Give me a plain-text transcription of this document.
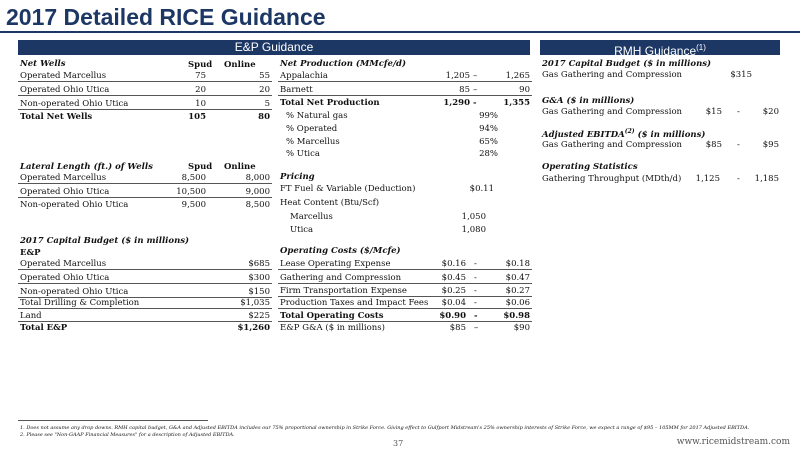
2017 Detailed RICE Guidance
E&P Guidance	RMH Guidance$^{(1)}$
Net Wells	Spud Online
Operated Marcellus	75	55
Operated Ohio Utica	20	20
Non-operated Ohio Utica	10	5
Total Net Wells	105	80
Lateral Length (ft.) of Wells	Spud Online
Operated Marcellus	8,500	8,000
Operated Ohio Utica	10,500	9,000
Non-operated Ohio Utica	9,500	8,500
2017 Capital Budget ($ in millions)
E&P
Operated Marcellus	$685
Operated Ohio Utica	$300
Non-operated Ohio Utica	$150
Total Drilling & Completion	$1,035
Land	$225
Total E&P	$1,260
Net Production (MMcfe/d)
Appalachia	1,205 –	1,265
Barnett	85 –	90
Total Net Production	1,290 -	1,355
% Natural gas	99%
% Operated	94%
% Marcellus	65%
% Utica	28%
Pricing
FT Fuel & Variable (Deduction)	$0.11
Heat Content (Btu/Scf)
Marcellus	1,050
Utica	1,080
Operating Costs ($/Mcfe)
Lease Operating Expense	$0.16 -	$0.18
Gathering and Compression	$0.45 -	$0.47
Firm Transportation Expense	$0.25 -	$0.27
Production Taxes and Impact Fees $0.04 -	$0.06
Total Operating Costs	$0.90 -	$0.98
E&P G&A ($ in millions)	$85 –	$90
2017 Capital Budget ($ in millions)
Gas Gathering and Compression	$315
G&A ($ in millions)
Gas Gathering and Compression	$15 -	$20
Adjusted EBITDA$^{(2)}$ ($ in millions)
Gas Gathering and Compression	$85 -	$95
Operating Statistics
Gathering Throughput (MDth/d) 1,125 - 1,185
1. Does not assume any drop downs. RMH capital budget, G&A and Adjusted EBITDA includes our 75% proportional ownership in Strike Force. Giving effect to Gulfport Midstream's 25% ownership interests of Strike Force, we expect a range of $95 – 105MM for 2017 Adjusted EBITDA.
2. Please see "Non-GAAP Financial Measures" for a description of Adjusted EBITDA.
37	www.ricemidstream.com
